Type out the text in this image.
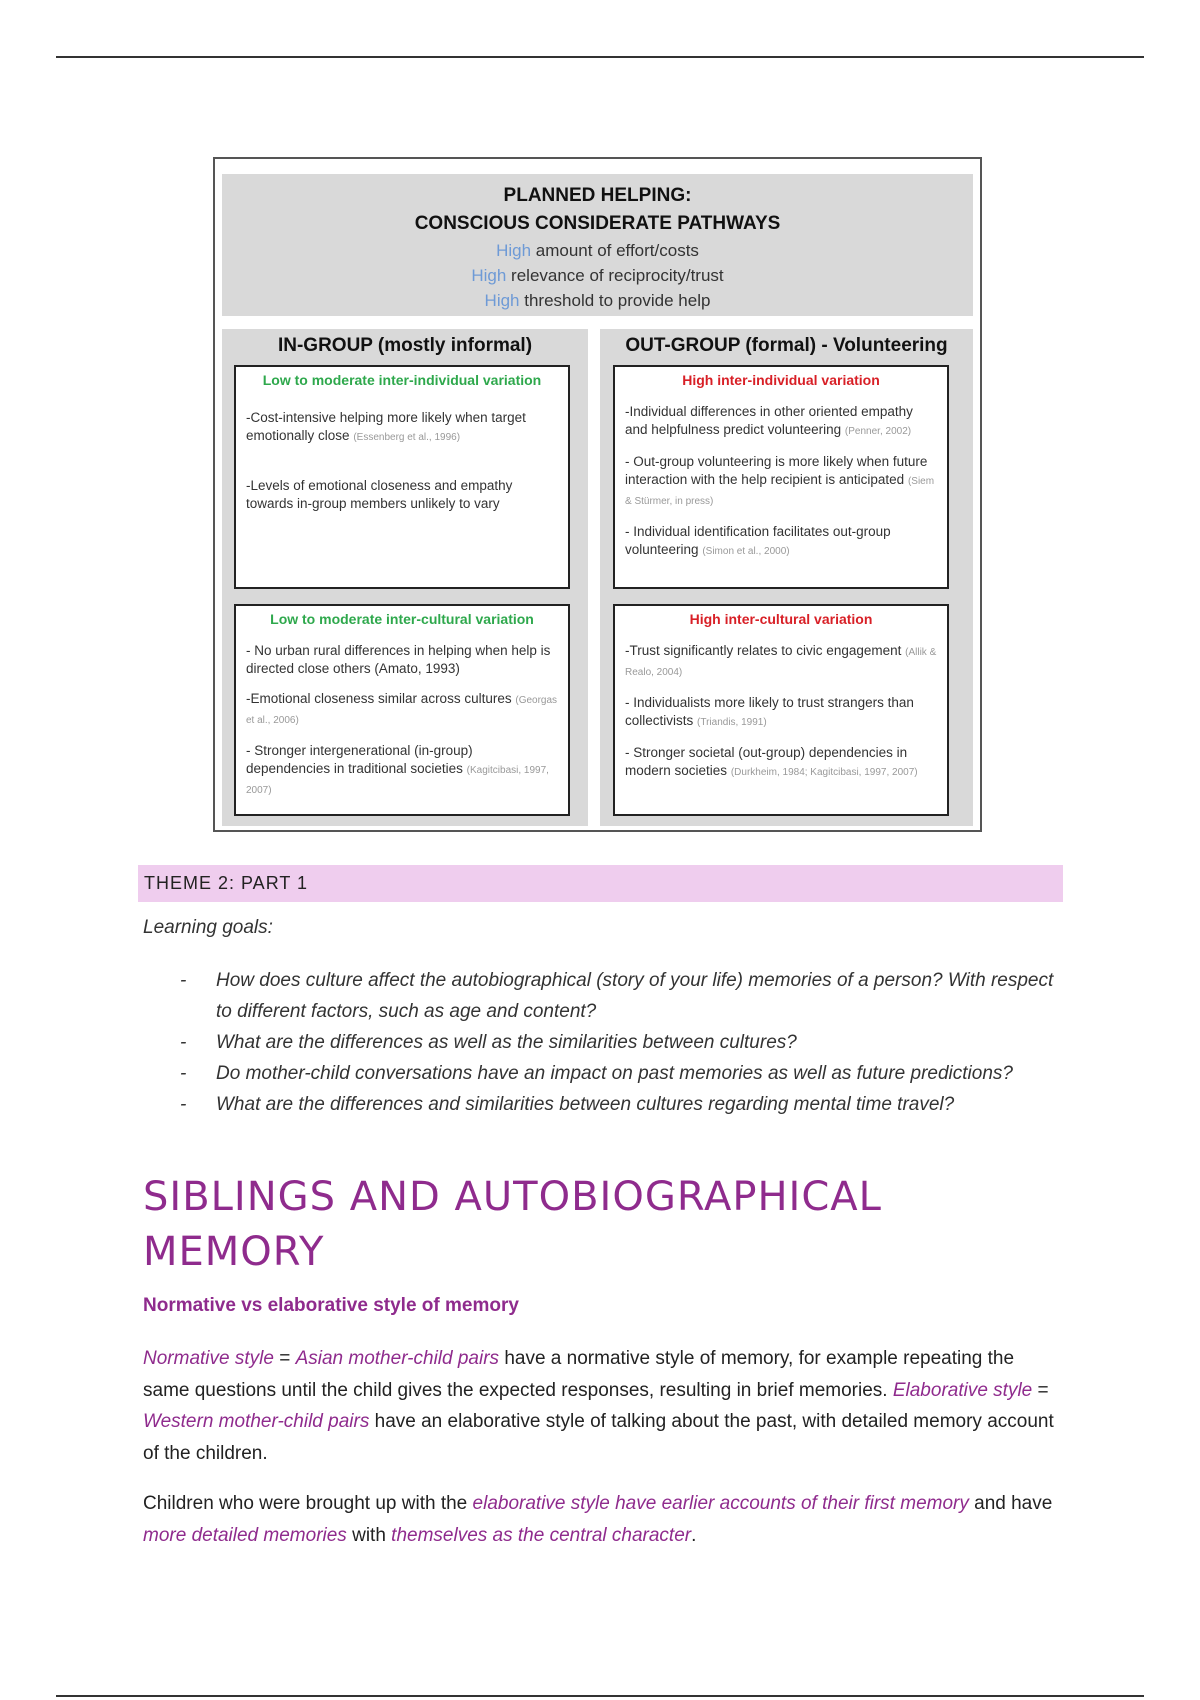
PLANNED HELPING:
CONSCIOUS CONSIDERATE PATHWAYS
High amount of effort/costs
High relevance of reciprocity/trust
High threshold to provide help
IN-GROUP (mostly informal)
Low to moderate inter-individual variation

-Cost-intensive helping more likely when target emotionally close (Essenberg et al., 1996)

-Levels of emotional closeness and empathy towards in-group members unlikely to vary

Low to moderate inter-cultural variation

- No urban rural differences in helping when help is directed close others (Amato, 1993)

-Emotional closeness similar across cultures (Georgas et al., 2006)

- Stronger intergenerational (in-group) dependencies in traditional societies (Kagitcibasi, 1997, 2007)

OUT-GROUP (formal) - Volunteering
High inter-individual variation

-Individual differences in other oriented empathy and helpfulness predict volunteering (Penner, 2002)

- Out-group volunteering is more likely when future interaction with the help recipient is anticipated (Siem & Stürmer, in press)

- Individual identification facilitates out-group volunteering (Simon et al., 2000)

High inter-cultural variation

-Trust significantly relates to civic engagement (Allik & Realo, 2004)

- Individualists more likely to trust strangers than collectivists (Triandis, 1991)

- Stronger societal (out-group) dependencies in modern societies (Durkheim, 1984; Kagitcibasi, 1997, 2007)

THEME 2: PART 1
Learning goals:
- How does culture affect the autobiographical (story of your life) memories of a person? With respect to different factors, such as age and content?
- What are the differences as well as the similarities between cultures?
- Do mother-child conversations have an impact on past memories as well as future predictions?
- What are the differences and similarities between cultures regarding mental time travel?
SIBLINGS AND AUTOBIOGRAPHICAL MEMORY
Normative vs elaborative style of memory

Normative style = Asian mother-child pairs have a normative style of memory, for example repeating the same questions until the child gives the expected responses, resulting in brief memories. Elaborative style = Western mother-child pairs have an elaborative style of talking about the past, with detailed memory account of the children.

Children who were brought up with the elaborative style have earlier accounts of their first memory and have more detailed memories with themselves as the central character.
